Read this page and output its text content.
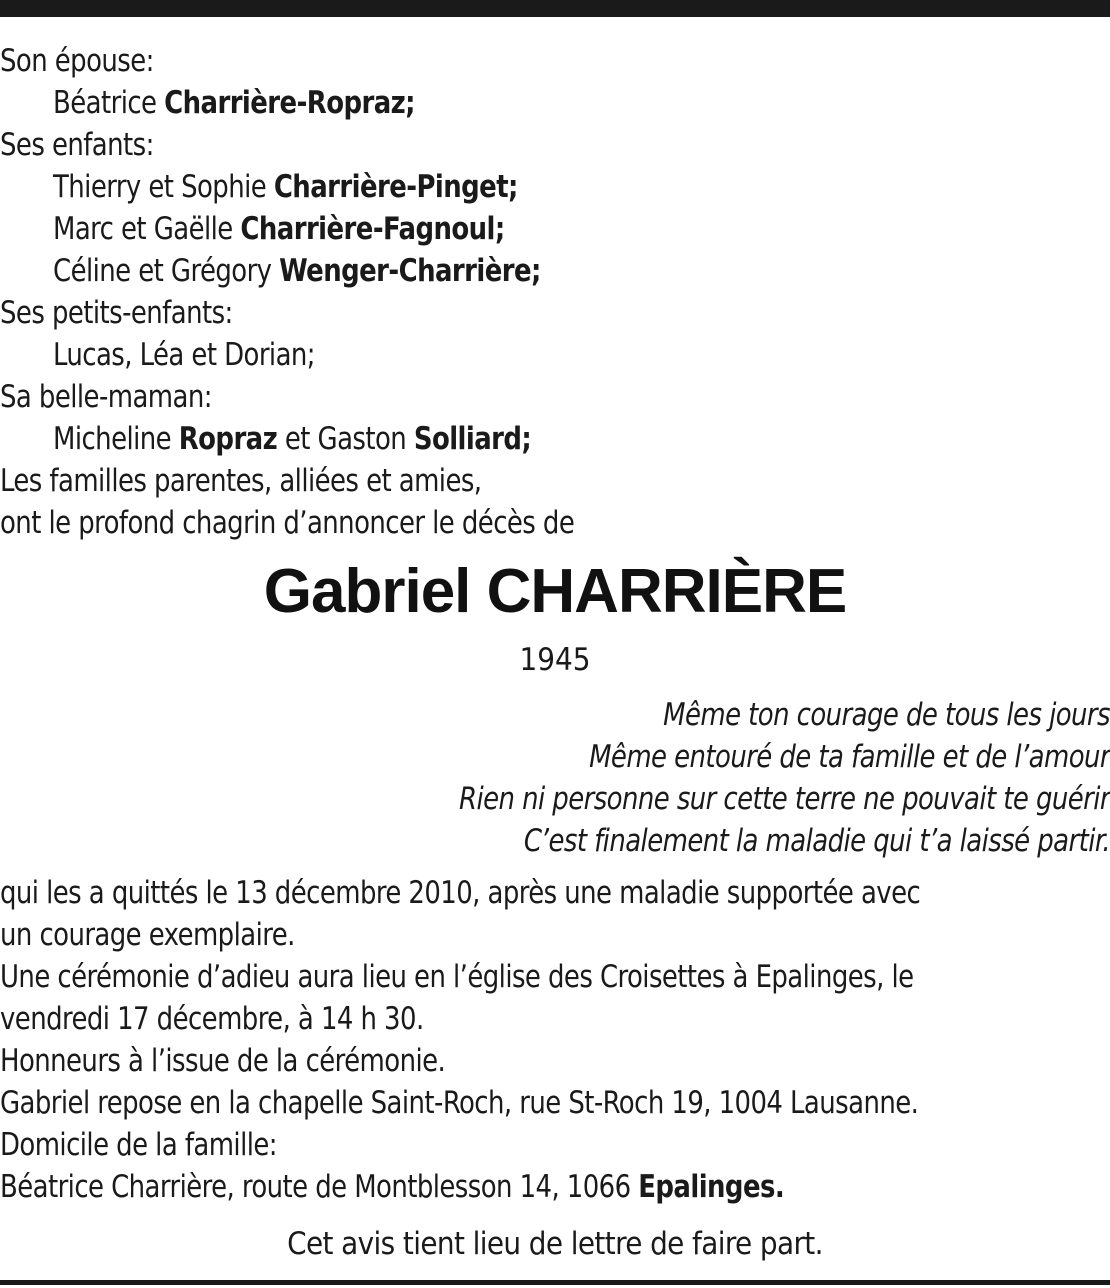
Son épouse:
Béatrice Charrière-Ropraz;
Ses enfants:
Thierry et Sophie Charrière-Pinget;
Marc et Gaëlle Charrière-Fagnoul;
Céline et Grégory Wenger-Charrière;
Ses petits-enfants:
Lucas, Léa et Dorian;
Sa belle-maman:
Micheline Ropraz et Gaston Solliard;
Les familles parentes, alliées et amies,
ont le profond chagrin d’annoncer le décès de
Gabriel CHARRIÈRE
1945
Même ton courage de tous les jours
Même entouré de ta famille et de l’amour
Rien ni personne sur cette terre ne pouvait te guérir
C’est finalement la maladie qui t’a laissé partir.
qui les a quittés le 13 décembre 2010, après une maladie supportée avec
un courage exemplaire.
Une cérémonie d’adieu aura lieu en l’église des Croisettes à Epalinges, le
vendredi 17 décembre, à 14 h 30.
Honneurs à l’issue de la cérémonie.
Gabriel repose en la chapelle Saint-Roch, rue St-Roch 19, 1004 Lausanne.
Domicile de la famille:
Béatrice Charrière, route de Montblesson 14, 1066 Epalinges.
Cet avis tient lieu de lettre de faire part.
